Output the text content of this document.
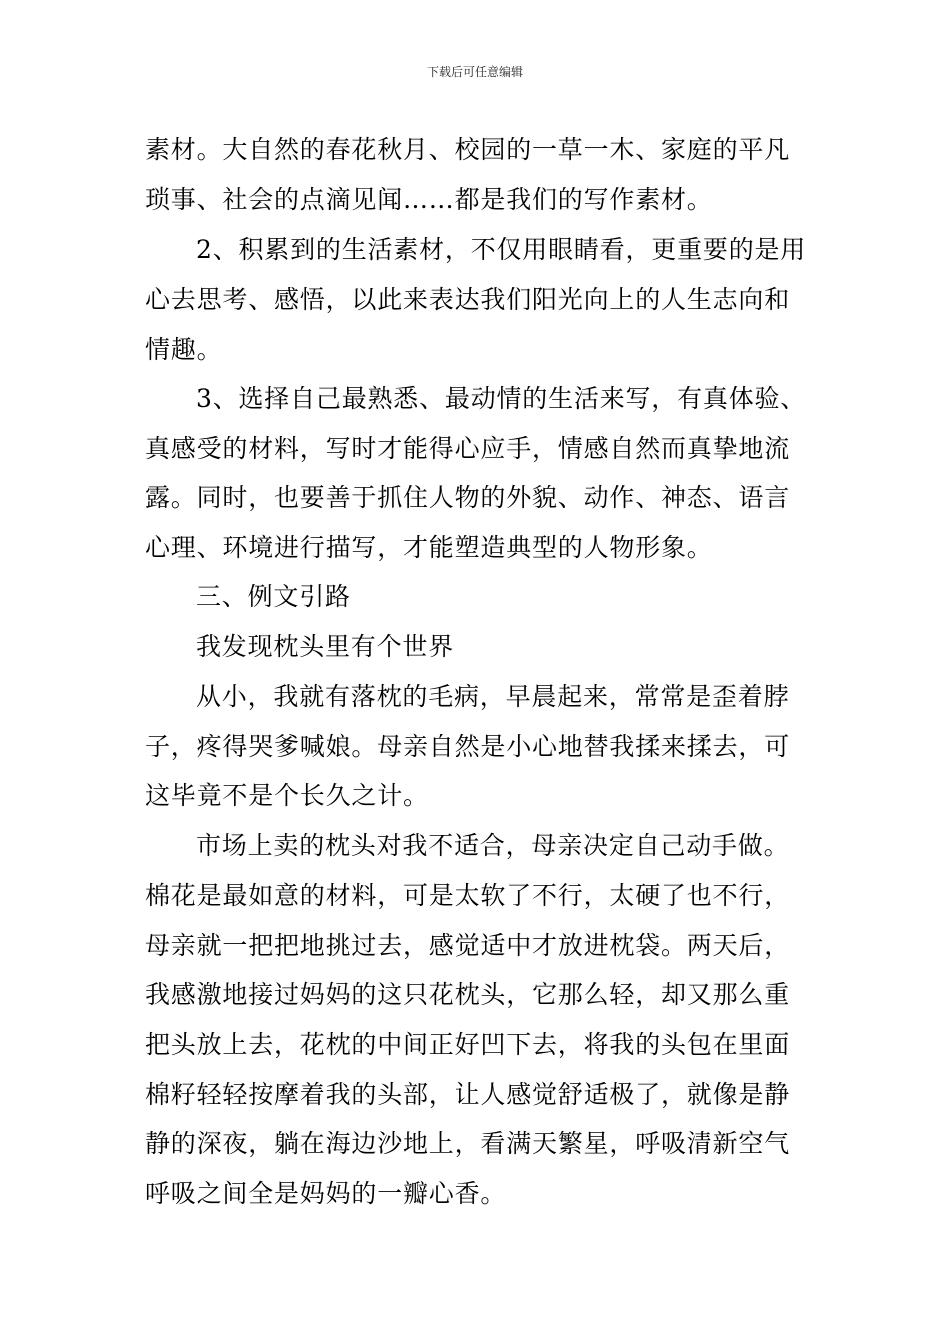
下载后可任意编辑
素材。大自然的春花秋月、校园的一草一木、家庭的平凡
琐事、社会的点滴见闻……都是我们的写作素材。
2、积累到的生活素材，不仅用眼睛看，更重要的是用
心去思考、感悟，以此来表达我们阳光向上的人生志向和
情趣。
3、选择自己最熟悉、最动情的生活来写，有真体验、
真感受的材料，写时才能得心应手，情感自然而真挚地流
露。同时，也要善于抓住人物的外貌、动作、神态、语言
心理、环境进行描写，才能塑造典型的人物形象。
三、例文引路
我发现枕头里有个世界
从小，我就有落枕的毛病，早晨起来，常常是歪着脖
子，疼得哭爹喊娘。母亲自然是小心地替我揉来揉去，可
这毕竟不是个长久之计。
市场上卖的枕头对我不适合，母亲决定自己动手做。
棉花是最如意的材料，可是太软了不行，太硬了也不行，
母亲就一把把地挑过去，感觉适中才放进枕袋。两天后，
我感激地接过妈妈的这只花枕头，它那么轻，却又那么重
把头放上去，花枕的中间正好凹下去，将我的头包在里面
棉籽轻轻按摩着我的头部，让人感觉舒适极了，就像是静
静的深夜，躺在海边沙地上，看满天繁星，呼吸清新空气
呼吸之间全是妈妈的一瓣心香。
